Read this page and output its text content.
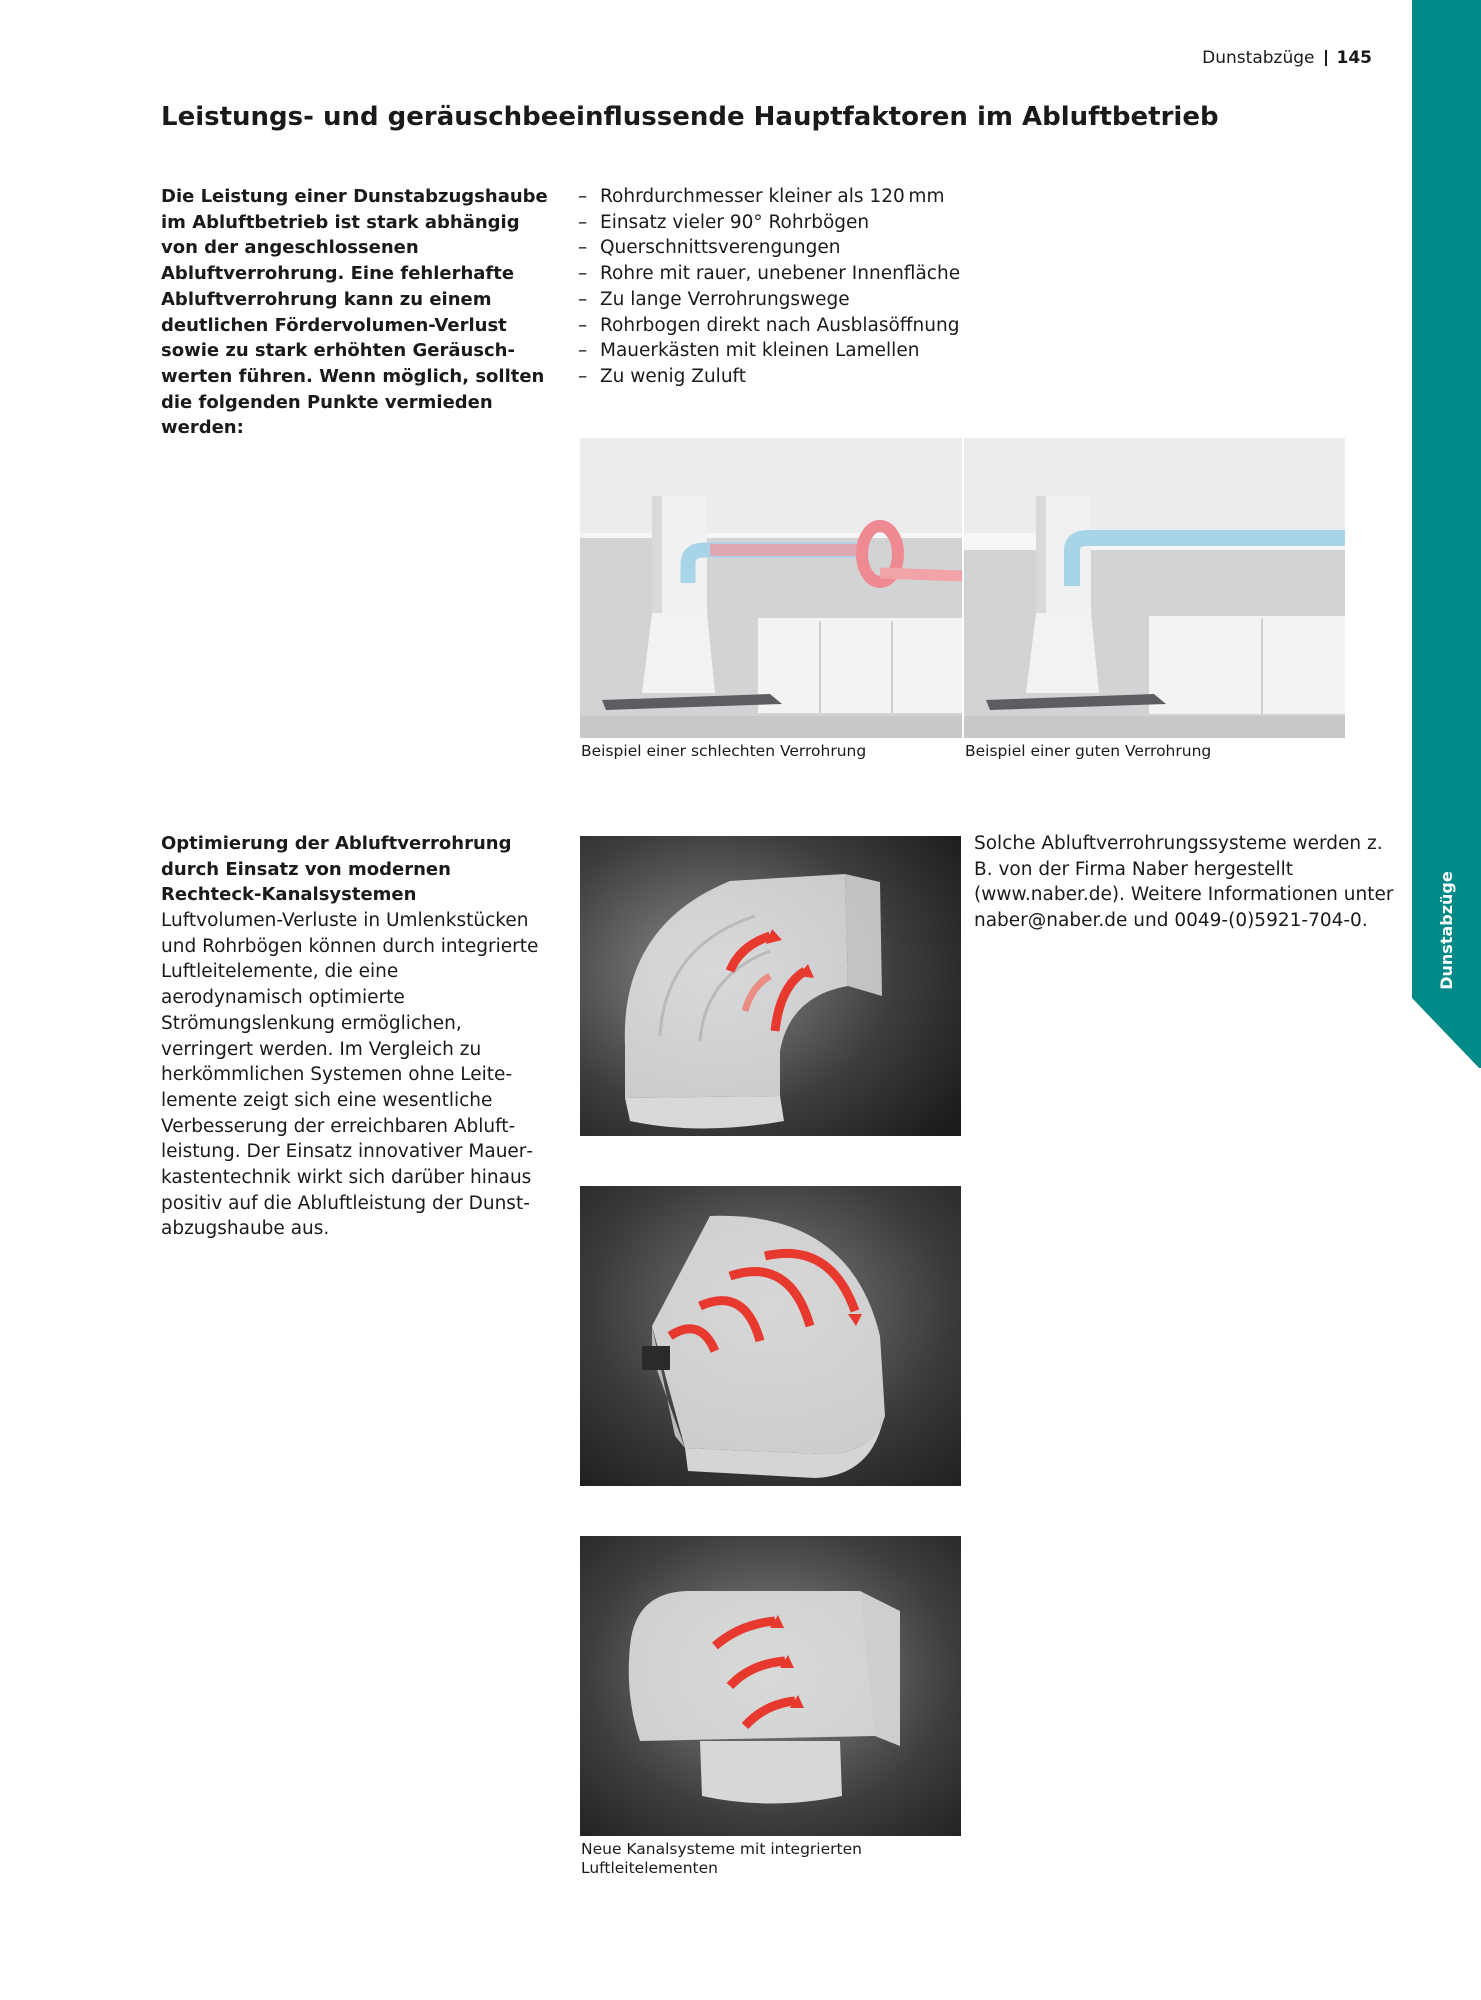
Dunstabzüge
Dunstabzüge 145
Leistungs- und geräuschbeeinflussende Hauptfaktoren im Abluftbetrieb
Die Leistung einer Dunstabzugshaube im Abluftbetrieb ist stark abhängig von der angeschlossenen Abluftverrohrung. Eine fehlerhafte Abluftverrohrung kann zu einem deutlichen Fördervolumen-Verlust sowie zu stark erhöhten Geräuschwerten führen. Wenn möglich, sollten die folgenden Punkte vermieden werden:
– Rohrdurchmesser kleiner als 120 mm
– Einsatz vieler 90° Rohrbögen
– Querschnittsverengungen
– Rohre mit rauer, unebener Innenfläche
– Zu lange Verrohrungswege
– Rohrbogen direkt nach Ausblasöffnung
– Mauerkästen mit kleinen Lamellen
– Zu wenig Zuluft
Beispiel einer schlechten Verrohrung	Beispiel einer guten Verrohrung
Optimierung der Abluftverrohrung durch Einsatz von modernen Rechteck-Kanalsystemen

Luftvolumen-Verluste in Umlenkstücken und Rohrbögen können durch integrierte Luftleitelemente, die eine aerodynamisch optimierte Strömungslenkung ermöglichen, verringert werden. Im Vergleich zu herkömmlichen Systemen ohne Leitelemente zeigt sich eine wesentliche Verbesserung der erreichbaren Abluftleistung. Der Einsatz innovativer Mauerkastentechnik wirkt sich darüber hinaus positiv auf die Abluftleistung der Dunstabzugshaube aus.

Solche Abluftverrohrungssysteme werden z. B. von der Firma Naber hergestellt (www.naber.de). Weitere Informationen unter naber@naber.de und 0049-(0)5921-704-0.

Neue Kanalsysteme mit integrierten Luftleitelementen
